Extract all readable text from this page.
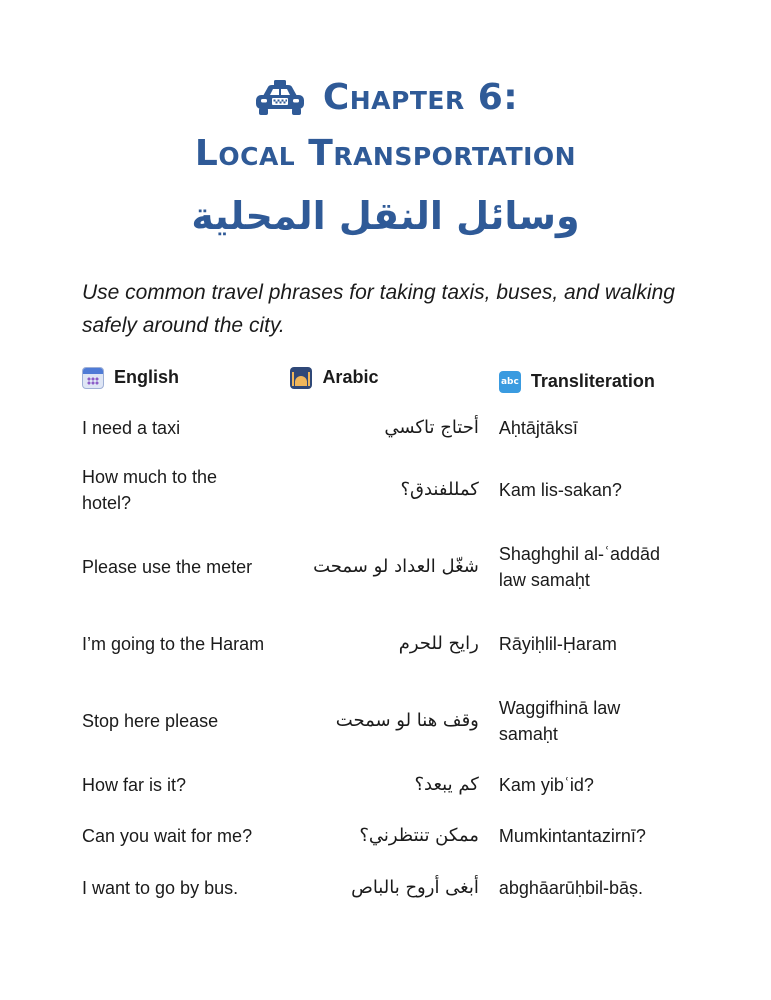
Chapter 6:
Local Transportation
وسائل النقل المحلية
Use common travel phrases for taking taxis, buses, and walking safely around the city.
English	Arabic	abc Transliteration

I need a taxi	أحتاج تاكسي	Aḥtājtāksī
How much to the hotel?	كمللفندق؟	Kam lis-sakan?
Please use the meter	شغّل العداد لو سمحت	Shaghghil al-ʿaddād law samaḥt
I’m going to the Haram	رايح للحرم	Rāyiḥlil-Ḥaram
Stop here please	وقف هنا لو سمحت	Waggifhinā law samaḥt
How far is it?	كم يبعد؟	Kam yibʿid?
Can you wait for me?	ممكن تنتظرني؟	Mumkintantazirnī?
I want to go by bus.	أبغى أروح بالباص	abghāarūḥbil-bāṣ.
